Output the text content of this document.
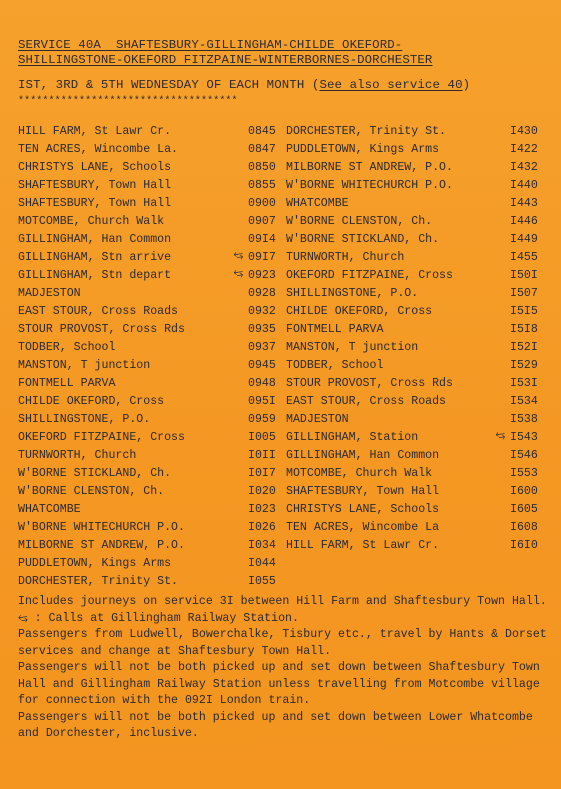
SERVICE 40A  SHAFTESBURY-GILLINGHAM-CHILDE OKEFORD-
SHILLINGSTONE-OKEFORD FITZPAINE-WINTERBORNES-DORCHESTER
IST, 3RD & 5TH WEDNESDAY OF EACH MONTH (See also service 40)
************************************
HILL FARM, St Lawr Cr.	0845
TEN ACRES, Wincombe La.	0847
CHRISTYS LANE, Schools	0850
SHAFTESBURY, Town Hall	0855
SHAFTESBURY, Town Hall	0900
MOTCOMBE, Church Walk	0907
GILLINGHAM, Han Common	09I4
GILLINGHAM, Stn arrive	⥃ 09I7
GILLINGHAM, Stn depart	⥃ 0923
MADJESTON	0928
EAST STOUR, Cross Roads	0932
STOUR PROVOST, Cross Rds	0935
TODBER, School	0937
MANSTON, T junction	0945
FONTMELL PARVA	0948
CHILDE OKEFORD, Cross	095I
SHILLINGSTONE, P.O.	0959
OKEFORD FITZPAINE, Cross	I005
TURNWORTH, Church	I0II
W'BORNE STICKLAND, Ch.	I0I7
W'BORNE CLENSTON, Ch.	I020
WHATCOMBE	I023
W'BORNE WHITECHURCH P.O.	I026
MILBORNE ST ANDREW, P.O.	I034
PUDDLETOWN, Kings Arms	I044
DORCHESTER, Trinity St.	I055
DORCHESTER, Trinity St.	I430
PUDDLETOWN, Kings Arms	I422
MILBORNE ST ANDREW, P.O.	I432
W'BORNE WHITECHURCH P.O.	I440
WHATCOMBE	I443
W'BORNE CLENSTON, Ch.	I446
W'BORNE STICKLAND, Ch.	I449
TURNWORTH, Church	I455
OKEFORD FITZPAINE, Cross	I50I
SHILLINGSTONE, P.O.	I507
CHILDE OKEFORD, Cross	I5I5
FONTMELL PARVA	I5I8
MANSTON, T junction	I52I
TODBER, School	I529
STOUR PROVOST, Cross Rds	I53I
EAST STOUR, Cross Roads	I534
MADJESTON	I538
GILLINGHAM, Station	⥃ I543
GILLINGHAM, Han Common	I546
MOTCOMBE, Church Walk	I553
SHAFTESBURY, Town Hall	I600
CHRISTYS LANE, Schools	I605
TEN ACRES, Wincombe La	I608
HILL FARM, St Lawr Cr.	I6I0

Includes journeys on service 3I between Hill Farm and Shaftesbury Town Hall.

⥃ : Calls at Gillingham Railway Station.

Passengers from Ludwell, Bowerchalke, Tisbury etc., travel by Hants & Dorset services and change at Shaftesbury Town Hall.

Passengers will not be both picked up and set down between Shaftesbury Town Hall and Gillingham Railway Station unless travelling from Motcombe village for connection with the 092I London train.

Passengers will not be both picked up and set down between Lower Whatcombe and Dorchester, inclusive.
